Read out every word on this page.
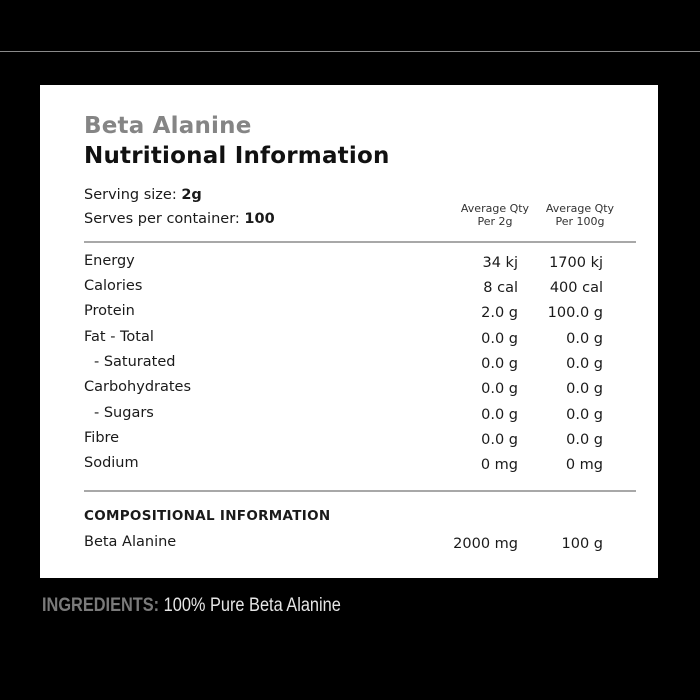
Beta Alanine
Nutritional Information
Serving size: 2g
Serves per container: 100
Average Qty
Per 2g
Average Qty
Per 100g
Energy	34 kj 1700 kj
Calories	8 cal 400 cal
Protein	2.0 g 100.0 g
Fat - Total	0.0 g	0.0 g
- Saturated	0.0 g	0.0 g
Carbohydrates	0.0 g	0.0 g
- Sugars	0.0 g	0.0 g
Fibre	0.0 g	0.0 g
Sodium	0 mg	0 mg
COMPOSITIONAL INFORMATION
Beta Alanine	2000 mg	100 g
INGREDIENTS: 100% Pure Beta Alanine
